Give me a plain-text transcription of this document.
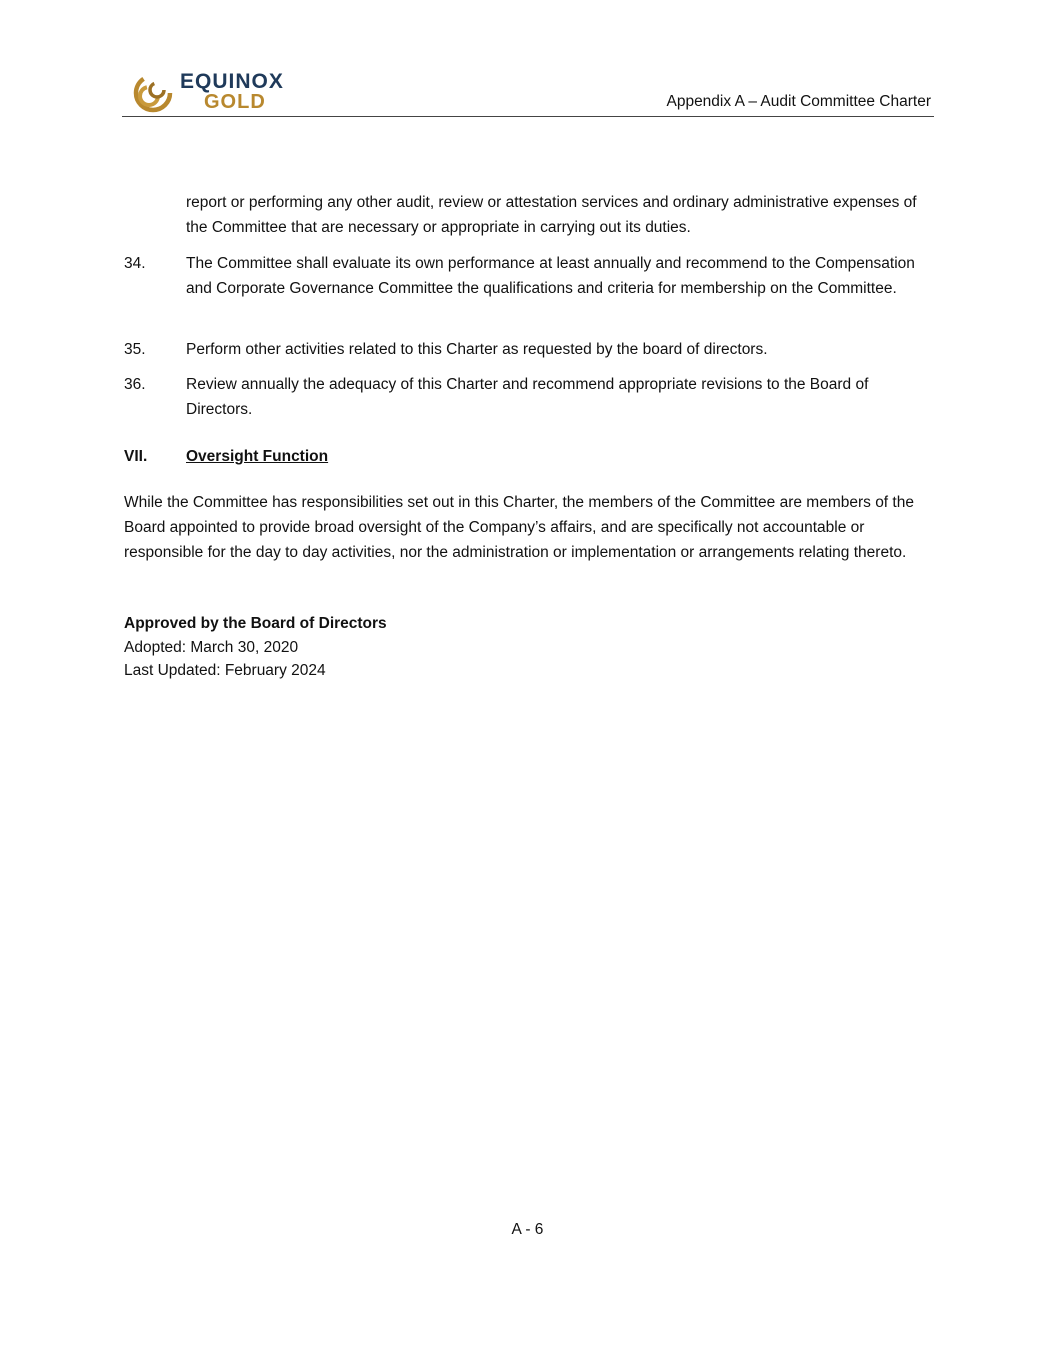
EQUINOX
GOLD	Appendix A – Audit Committee Charter
report or performing any other audit, review or attestation services and ordinary administrative expenses of the Committee that are necessary or appropriate in carrying out its duties.
34.	The Committee shall evaluate its own performance at least annually and recommend to the Compensation and Corporate Governance Committee the qualifications and criteria for membership on the Committee.
35.	Perform other activities related to this Charter as requested by the board of directors.
36.	Review annually the adequacy of this Charter and recommend appropriate revisions to the Board of Directors.
VII. Oversight Function
While the Committee has responsibilities set out in this Charter, the members of the Committee are members of the Board appointed to provide broad oversight of the Company’s affairs, and are specifically not accountable or responsible for the day to day activities, nor the administration or implementation or arrangements relating thereto.
Approved by the Board of Directors
Adopted: March 30, 2020
Last Updated: February 2024
A - 6
